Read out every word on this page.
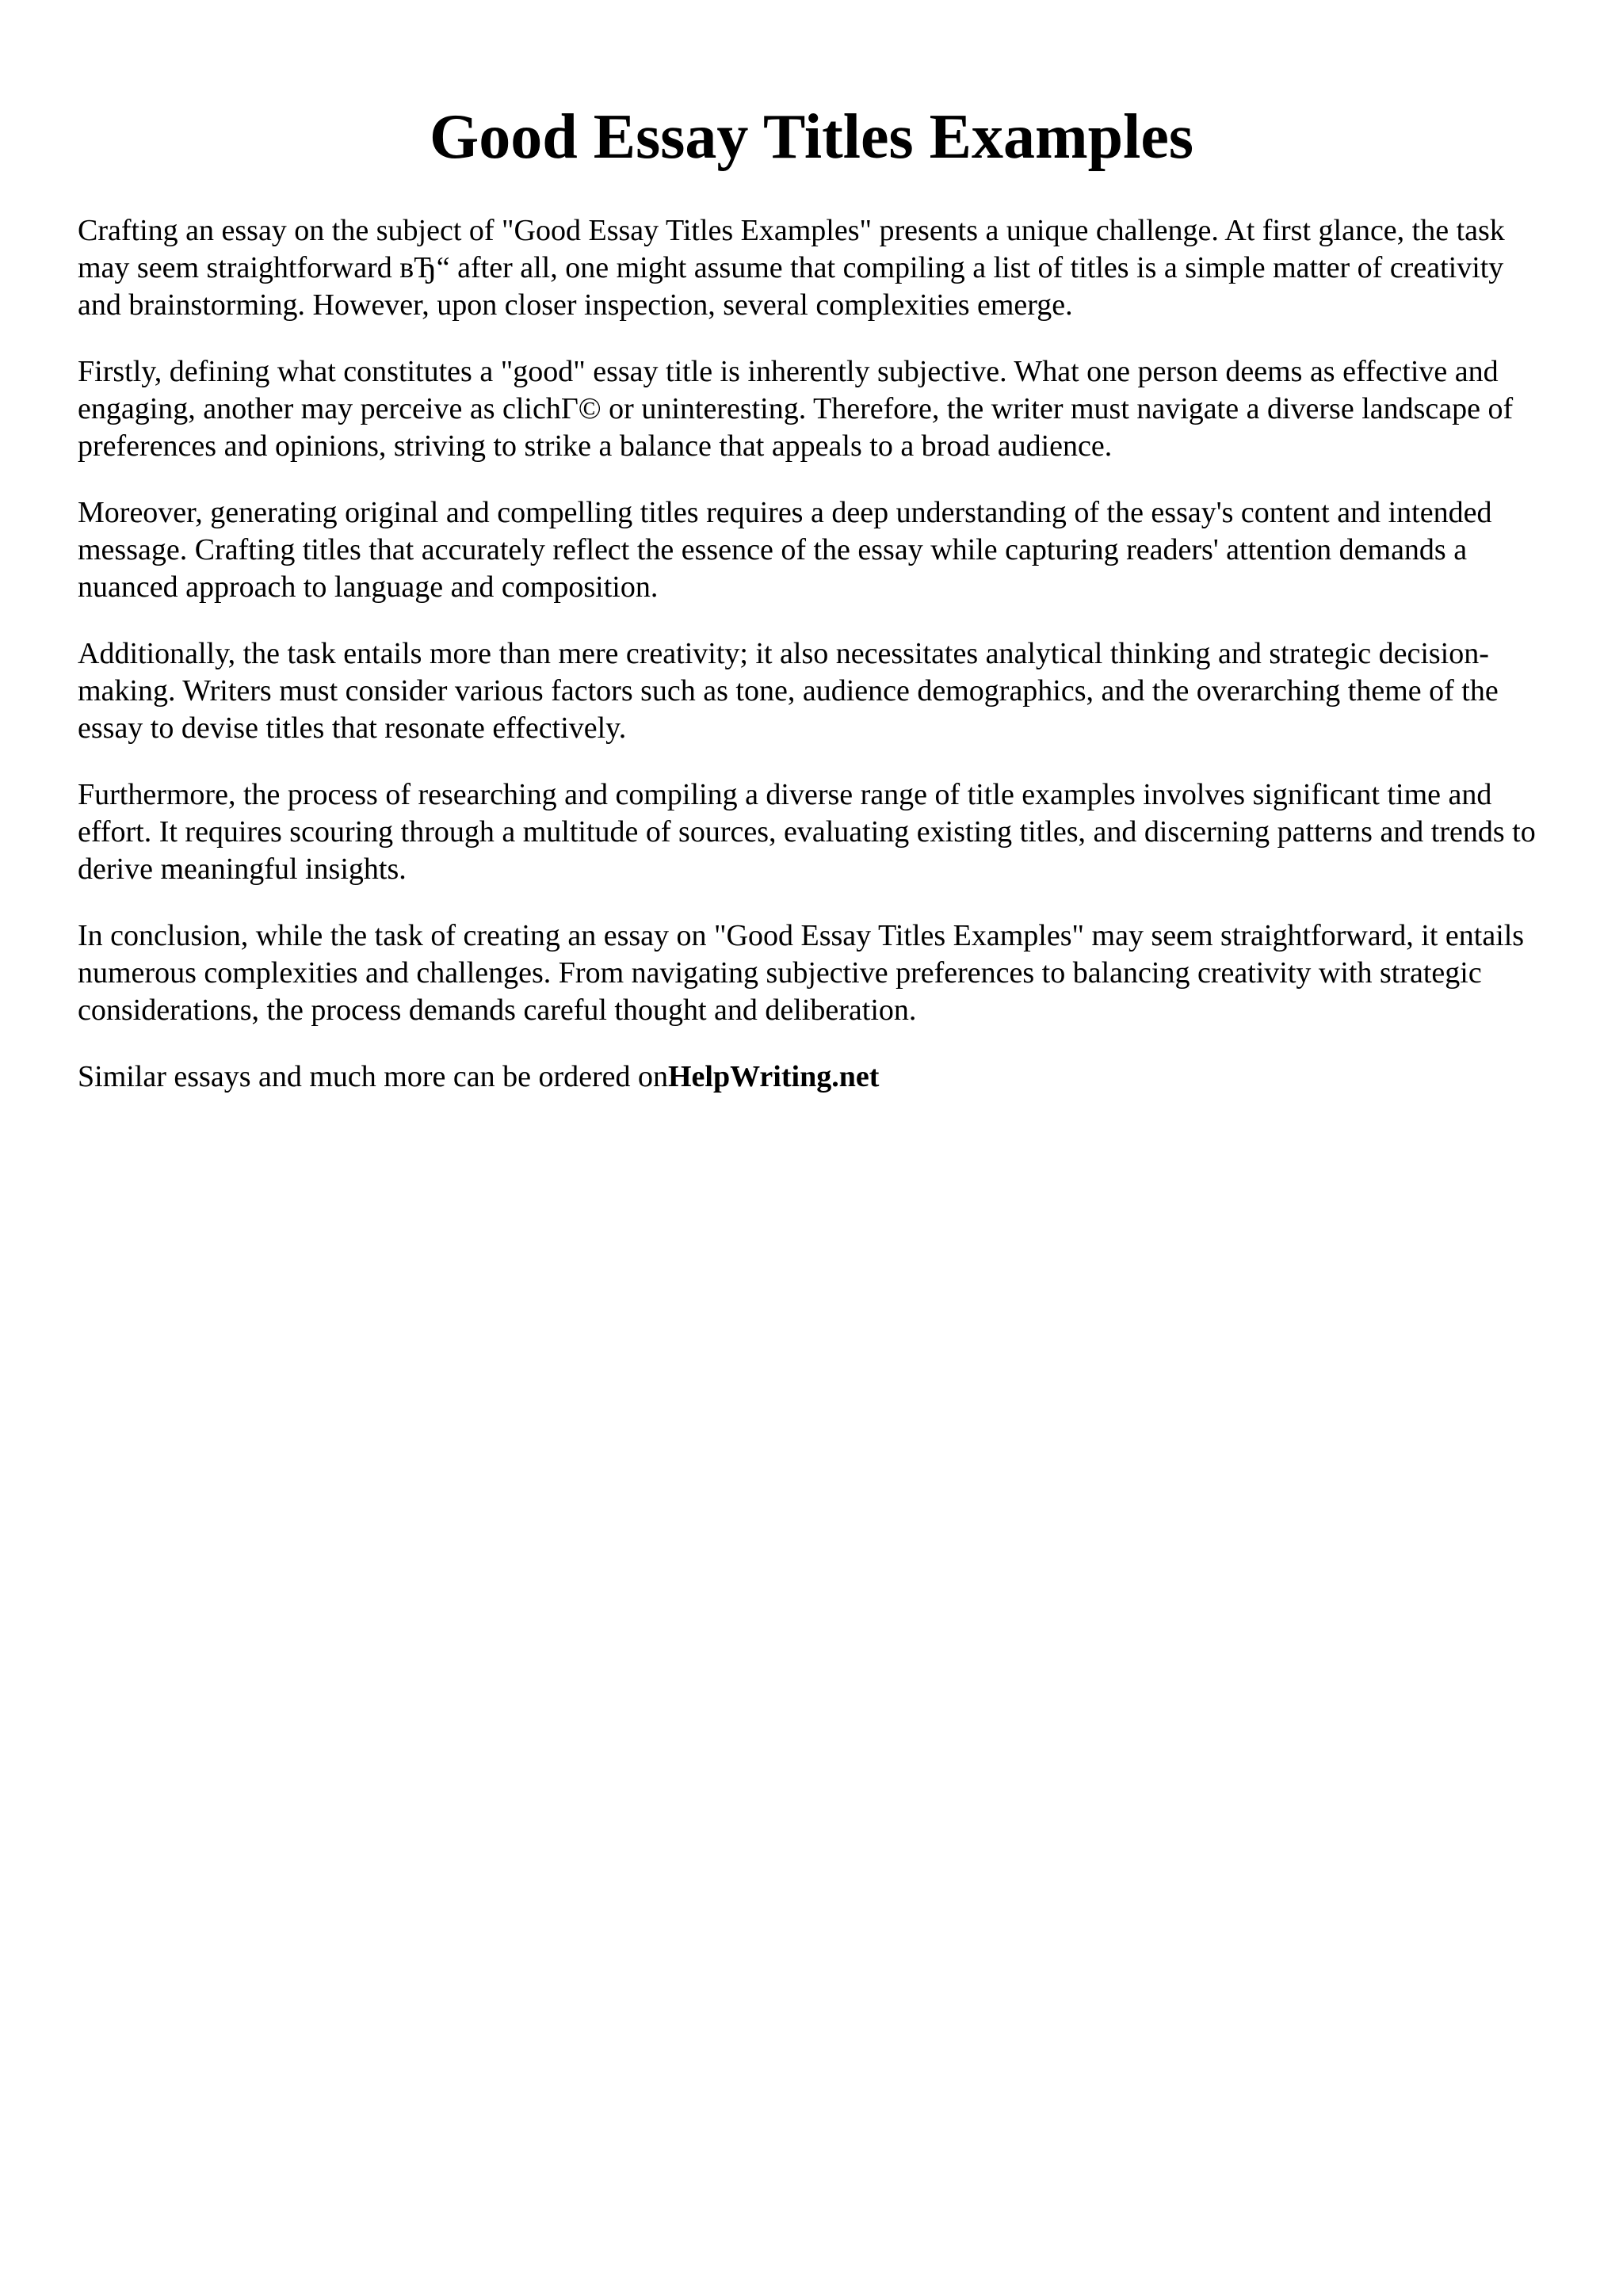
Good Essay Titles Examples

Crafting an essay on the subject of "Good Essay Titles Examples" presents a unique challenge. At first glance, the task may seem straightforward вЂ“ after all, one might assume that compiling a list of titles is a simple matter of creativity and brainstorming. However, upon closer inspection, several complexities emerge.

Firstly, defining what constitutes a "good" essay title is inherently subjective. What one person deems as effective and engaging, another may perceive as clichГ© or uninteresting. Therefore, the writer must navigate a diverse landscape of preferences and opinions, striving to strike a balance that appeals to a broad audience.

Moreover, generating original and compelling titles requires a deep understanding of the essay's content and intended message. Crafting titles that accurately reflect the essence of the essay while capturing readers' attention demands a nuanced approach to language and composition.

Additionally, the task entails more than mere creativity; it also necessitates analytical thinking and strategic decision-making. Writers must consider various factors such as tone, audience demographics, and the overarching theme of the essay to devise titles that resonate effectively.

Furthermore, the process of researching and compiling a diverse range of title examples involves significant time and effort. It requires scouring through a multitude of sources, evaluating existing titles, and discerning patterns and trends to derive meaningful insights.

In conclusion, while the task of creating an essay on "Good Essay Titles Examples" may seem straightforward, it entails numerous complexities and challenges. From navigating subjective preferences to balancing creativity with strategic considerations, the process demands careful thought and deliberation.

Similar essays and much more can be ordered onHelpWriting.net
